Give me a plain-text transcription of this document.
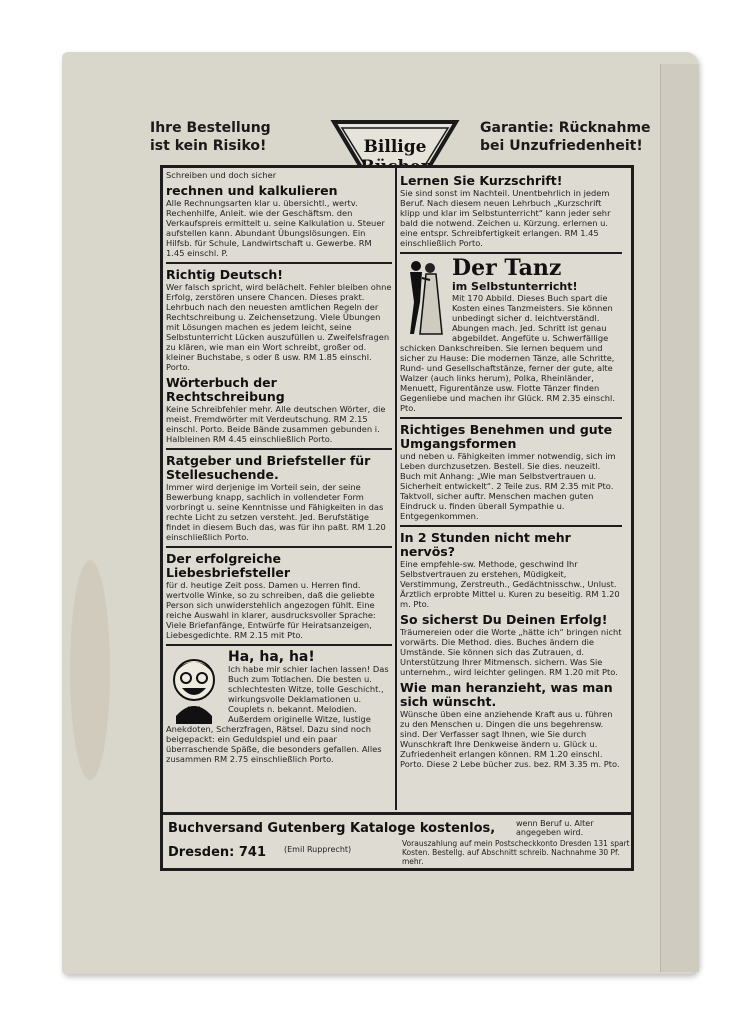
Ihre Bestellung
ist kein Risiko!
Garantie: Rücknahme
bei Unzufriedenheit!
Billige
Schreiben und doch sicher
rechnen und kalkulieren

Alle Rechnungsarten klar u. übersichtl., wertv. Rechenhilfe, Anleit. wie der Geschäftsm. den Verkaufspreis ermittelt u. seine Kalkulation u. Steuer aufstellen kann. Abundant Übungslösungen. Ein Hilfsb. für Schule, Landwirtschaft u. Gewerbe. RM 1.45 einschl. P.

Richtig Deutsch!

Wer falsch spricht, wird belächelt. Fehler bleiben ohne Erfolg, zerstören unsere Chancen. Dieses prakt. Lehrbuch nach den neuesten amtlichen Regeln der Rechtschreibung u. Zeichensetzung. Viele Übungen mit Lösungen machen es jedem leicht, seine Selbstunterricht Lücken auszufüllen u. Zweifelsfragen zu klären, wie man ein Wort schreibt, großer od. kleiner Buchstabe, s oder ß usw. RM 1.85 einschl. Porto.

Wörterbuch der Rechtschreibung

Keine Schreibfehler mehr. Alle deutschen Wörter, die meist. Fremdwörter mit Verdeutschung. RM 2.15 einschl. Porto. Beide Bände zusammen gebunden i. Halbleinen RM 4.45 einschließlich Porto.

Ratgeber und Briefsteller für Stellesuchende.

Immer wird derjenige im Vorteil sein, der seine Bewerbung knapp, sachlich in vollendeter Form vorbringt u. seine Kenntnisse und Fähigkeiten in das rechte Licht zu setzen versteht. Jed. Berufstätige findet in diesem Buch das, was für ihn paßt. RM 1.20 einschließlich Porto.

Der erfolgreiche Liebesbriefsteller

für d. heutige Zeit poss. Damen u. Herren find. wertvolle Winke, so zu schreiben, daß die geliebte Person sich unwiderstehlich angezogen fühlt. Eine reiche Auswahl in klarer, ausdrucksvoller Sprache: Viele Briefanfänge, Entwürfe für Heiratsanzeigen, Liebesgedichte. RM 2.15 mit Pto.

Ha, ha, ha!

Ich habe mir schier lachen lassen! Das Buch zum Totlachen. Die besten u. schlechtesten Witze, tolle Geschicht., wirkungsvolle Deklamationen u. Couplets n. bekannt. Melodien. Außerdem originelle Witze, lustige Anekdoten, Scherzfragen, Rätsel. Dazu sind noch beigepackt: ein Geduldspiel und ein paar überraschende Späße, die besonders gefallen. Alles zusammen RM 2.75 einschließlich Porto.

Lernen Sie Kurzschrift!

Sie sind sonst im Nachteil. Unentbehrlich in jedem Beruf. Nach diesem neuen Lehrbuch „Kurzschrift klipp und klar im Selbstunterricht“ kann jeder sehr bald die notwend. Zeichen u. Kürzung. erlernen u. eine entspr. Schreibfertigkeit erlangen. RM 1.45 einschließlich Porto.

Der Tanz
im Selbstunterricht!

Mit 170 Abbild. Dieses Buch spart die Kosten eines Tanzmeisters. Sie können unbedingt sicher d. leichtverständl. Abungen mach. Jed. Schritt ist genau abgebildet. Angefüte u. Schwerfällige schicken Dankschreiben. Sie lernen bequem und sicher zu Hause: Die modernen Tänze, alle Schritte, Rund- und Gesellschaftstänze, ferner der gute, alte Walzer (auch links herum), Polka, Rheinländer, Menuett, Figurentänze usw. Flotte Tänzer finden Gegenliebe und machen ihr Glück. RM 2.35 einschl. Pto.

Richtiges Benehmen und gute Umgangsformen

und neben u. Fähigkeiten immer notwendig, sich im Leben durchzusetzen. Bestell. Sie dies. neuzeitl. Buch mit Anhang: „Wie man Selbstvertrauen u. Sicherheit entwickelt“. 2 Teile zus. RM 2.35 mit Pto. Taktvoll, sicher auftr. Menschen machen guten Eindruck u. finden überall Sympathie u. Entgegenkommen.

In 2 Stunden nicht mehr nervös?

Eine empfehle-sw. Methode, geschwind Ihr Selbstvertrauen zu erstehen, Müdigkeit, Verstimmung, Zerstreuth., Gedächtnisschw., Unlust. Ärztlich erprobte Mittel u. Kuren zu beseitig. RM 1.20 m. Pto.

So sicherst Du Deinen Erfolg!

Träumereien oder die Worte „hätte ich“ bringen nicht vorwärts. Die Method. dies. Buches ändern die Umstände. Sie können sich das Zutrauen, d. Unterstützung Ihrer Mitmensch. sichern. Was Sie unternehm., wird leichter gelingen. RM 1.20 mit Pto.

Wie man heranzieht, was man sich wünscht.

Wünsche üben eine anziehende Kraft aus u. führen zu den Menschen u. Dingen die uns begehrensw. sind. Der Verfasser sagt Ihnen, wie Sie durch Wunschkraft Ihre Denkweise ändern u. Glück u. Zufriedenheit erlangen können. RM 1.20 einschl. Porto. Diese 2 Lebe bücher zus. bez. RM 3.35 m. Pto.

Buchversand Gutenberg Kataloge kostenlos,	wenn Beruf u. Alter angegeben wird.
Dresden: 741 (Emil Rupprecht)
Vorauszahlung auf mein Postscheckkonto Dresden 131 spart Kosten. Bestellg. auf Abschnitt schreib. Nachnahme 30 Pf. mehr.
